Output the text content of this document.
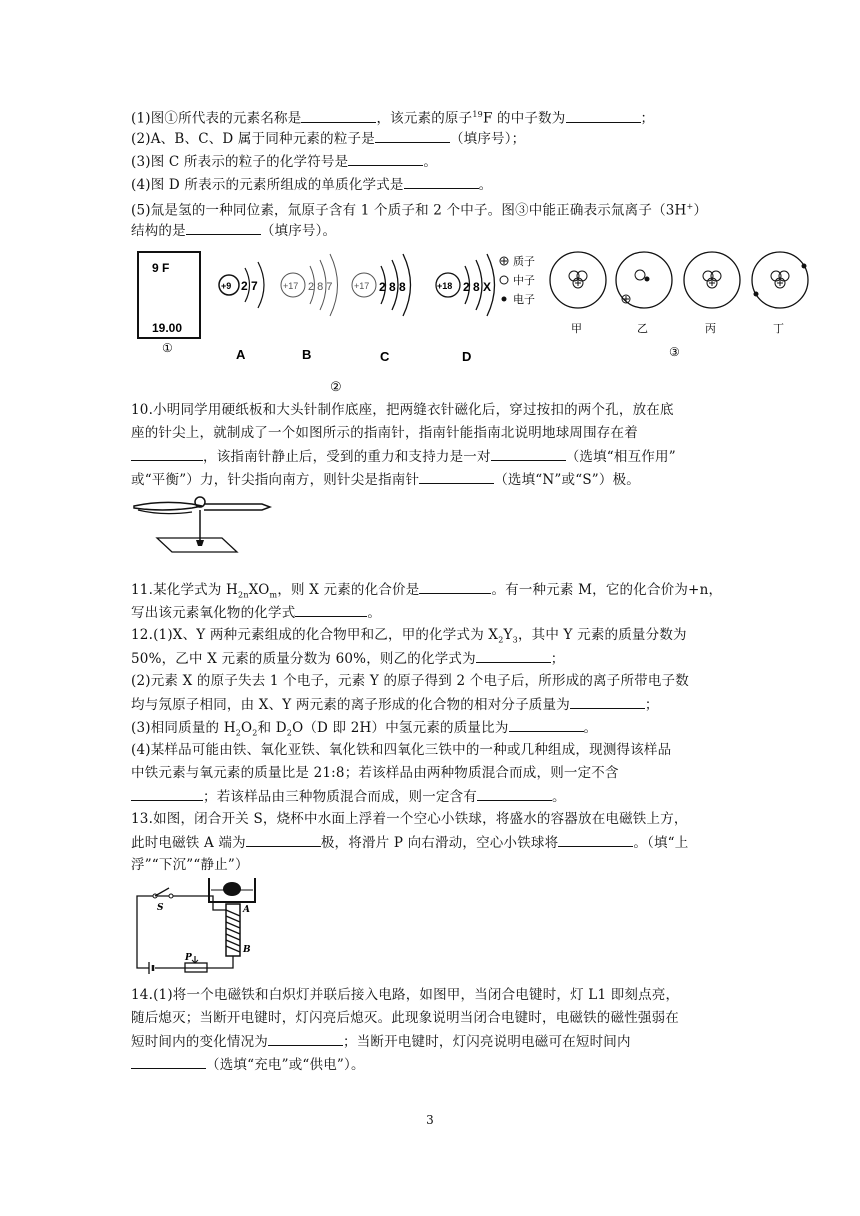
(1)图①所代表的元素名称是	，该元素的原子$^{19}$F 的中子数为	；
(2)A、B、C、D 属于同种元素的粒子是	（填序号）；
(3)图 C 所表示的粒子的化学符号是	。
(4)图 D 所表示的元素所组成的单质化学式是	。
(5)氚是氢的一种同位素，氚原子含有 1 个质子和 2 个中子。图③中能正确表示氚离子（3H+）
结构的是	（填序号）。
9 F
19.00
①
+9 2 7
A
+17 2 8 7
B
+17 2 8 8
C
+18 2 8 X
D
②
质子
中子
电子
甲	乙	丙	丁
③
10.小明同学用硬纸板和大头针制作底座，把两缝衣针磁化后，穿过按扣的两个孔，放在底
座的针尖上，就制成了一个如图所示的指南针，指南针能指南北说明地球周围存在着
，该指南针静止后，受到的重力和支持力是一对	（选填“相互作用”
或“平衡”）力，针尖指向南方，则针尖是指南针	（选填“N”或“S”）极。
11.某化学式为 $H_{2n}XO_m$，则 X 元素的化合价是	。有一种元素 M，它的化合价为+n，
写出该元素氧化物的化学式	。
12.(1)X、Y 两种元素组成的化合物甲和乙，甲的化学式为 $X_2Y_3$，其中 Y 元素的质量分数为
50%，乙中 X 元素的质量分数为 60%，则乙的化学式为	；
(2)元素 X 的原子失去 1 个电子，元素 Y 的原子得到 2 个电子后，所形成的离子所带电子数
均与氖原子相同，由 X、Y 两元素的离子形成的化合物的相对分子质量为	；
(3)相同质量的 $H_2O_2$和 $D_2O(D$ 即 2H）中氢元素的质量比为	。
(4)某样品可能由铁、氧化亚铁、氧化铁和四氧化三铁中的一种或几种组成，现测得该样品
中铁元素与氧元素的质量比是 21:8；若该样品由两种物质混合而成，则一定不含
；若该样品由三种物质混合而成，则一定含有	。
13.如图，闭合开关 S，烧杯中水面上浮着一个空心小铁球，将盛水的容器放在电磁铁上方，
此时电磁铁 A 端为	极，将滑片 P 向右滑动，空心小铁球将	。（填“上
浮”“下沉”“静止”）
A
B
S
P
14.(1)将一个电磁铁和白炽灯并联后接入电路，如图甲，当闭合电键时，灯 L1 即刻点亮，
随后熄灭；当断开电键时，灯闪亮后熄灭。此现象说明当闭合电键时，电磁铁的磁性强弱在
短时间内的变化情况为	；当断开电键时，灯闪亮说明电磁可在短时间内
（选填“充电”或“供电”）。
3
